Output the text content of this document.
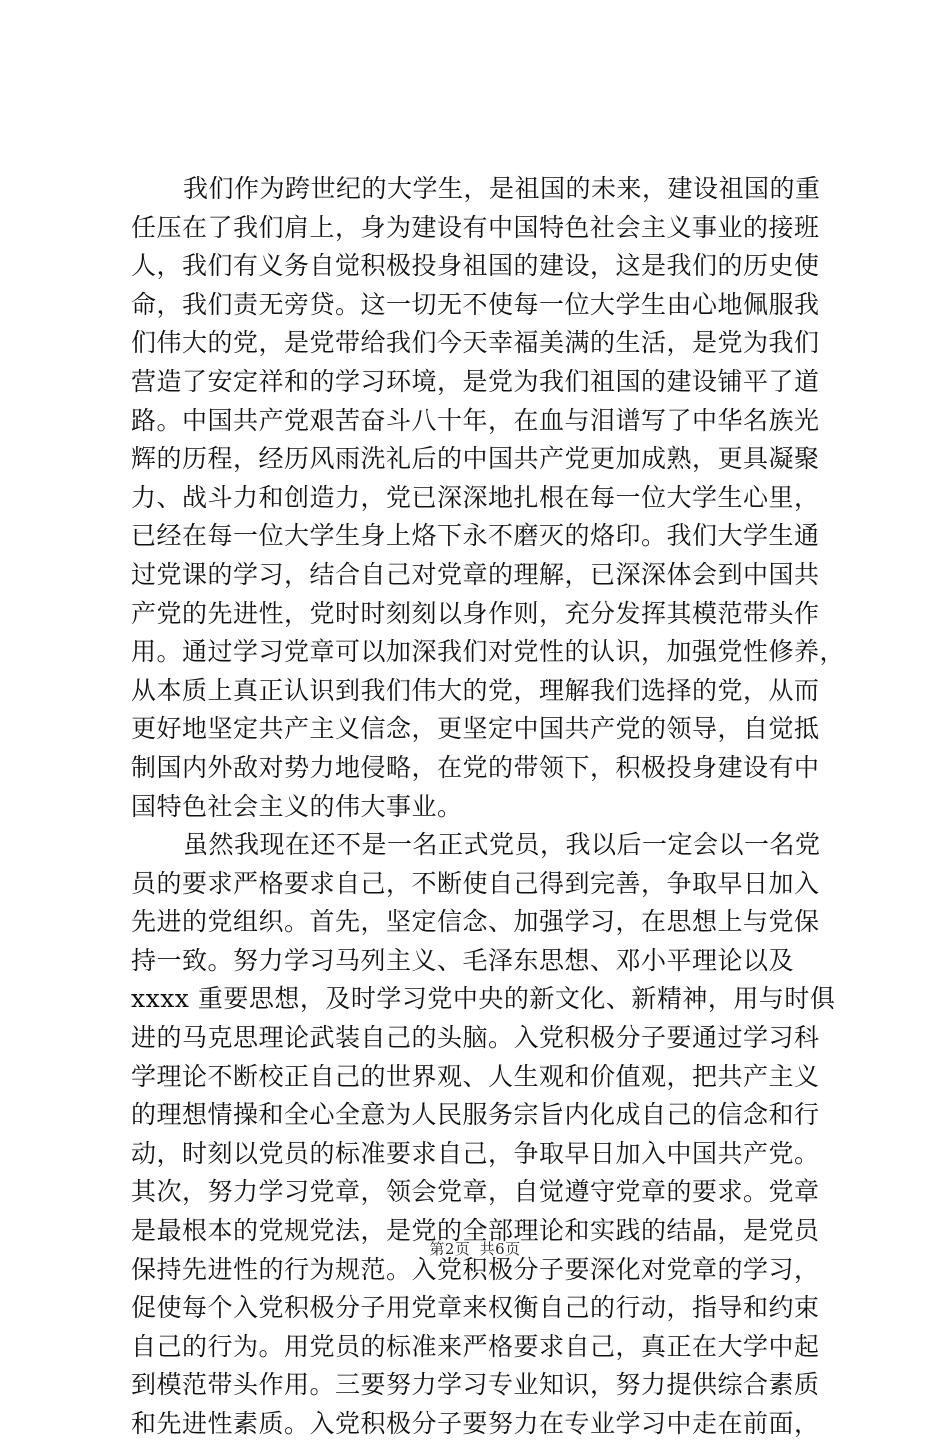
我们作为跨世纪的大学生，是祖国的未来，建设祖国的重
任压在了我们肩上，身为建设有中国特色社会主义事业的接班
人，我们有义务自觉积极投身祖国的建设，这是我们的历史使
命，我们责无旁贷。这一切无不使每一位大学生由心地佩服我
们伟大的党，是党带给我们今天幸福美满的生活，是党为我们
营造了安定祥和的学习环境，是党为我们祖国的建设铺平了道
路。中国共产党艰苦奋斗八十年，在血与泪谱写了中华名族光
辉的历程，经历风雨洗礼后的中国共产党更加成熟，更具凝聚
力、战斗力和创造力，党已深深地扎根在每一位大学生心里，
已经在每一位大学生身上烙下永不磨灭的烙印。我们大学生通
过党课的学习，结合自己对党章的理解，已深深体会到中国共
产党的先进性，党时时刻刻以身作则，充分发挥其模范带头作
用。通过学习党章可以加深我们对党性的认识，加强党性修养，
从本质上真正认识到我们伟大的党，理解我们选择的党，从而
更好地坚定共产主义信念，更坚定中国共产党的领导，自觉抵
制国内外敌对势力地侵略，在党的带领下，积极投身建设有中
国特色社会主义的伟大事业。
虽然我现在还不是一名正式党员，我以后一定会以一名党
员的要求严格要求自己，不断使自己得到完善，争取早日加入
先进的党组织。首先，坚定信念、加强学习，在思想上与党保
持一致。努力学习马列主义、毛泽东思想、邓小平理论以及
xxxx 重要思想，及时学习党中央的新文化、新精神，用与时俱
进的马克思理论武装自己的头脑。入党积极分子要通过学习科
学理论不断校正自己的世界观、人生观和价值观，把共产主义
的理想情操和全心全意为人民服务宗旨内化成自己的信念和行
动，时刻以党员的标准要求自己，争取早日加入中国共产党。
其次，努力学习党章，领会党章，自觉遵守党章的要求。党章
是最根本的党规党法，是党的全部理论和实践的结晶，是党员
保持先进性的行为规范。入党积极分子要深化对党章的学习，
促使每个入党积极分子用党章来权衡自己的行动，指导和约束
自己的行为。用党员的标准来严格要求自己，真正在大学中起
到模范带头作用。三要努力学习专业知识，努力提供综合素质
和先进性素质。入党积极分子要努力在专业学习中走在前面，
第2页 共6页
